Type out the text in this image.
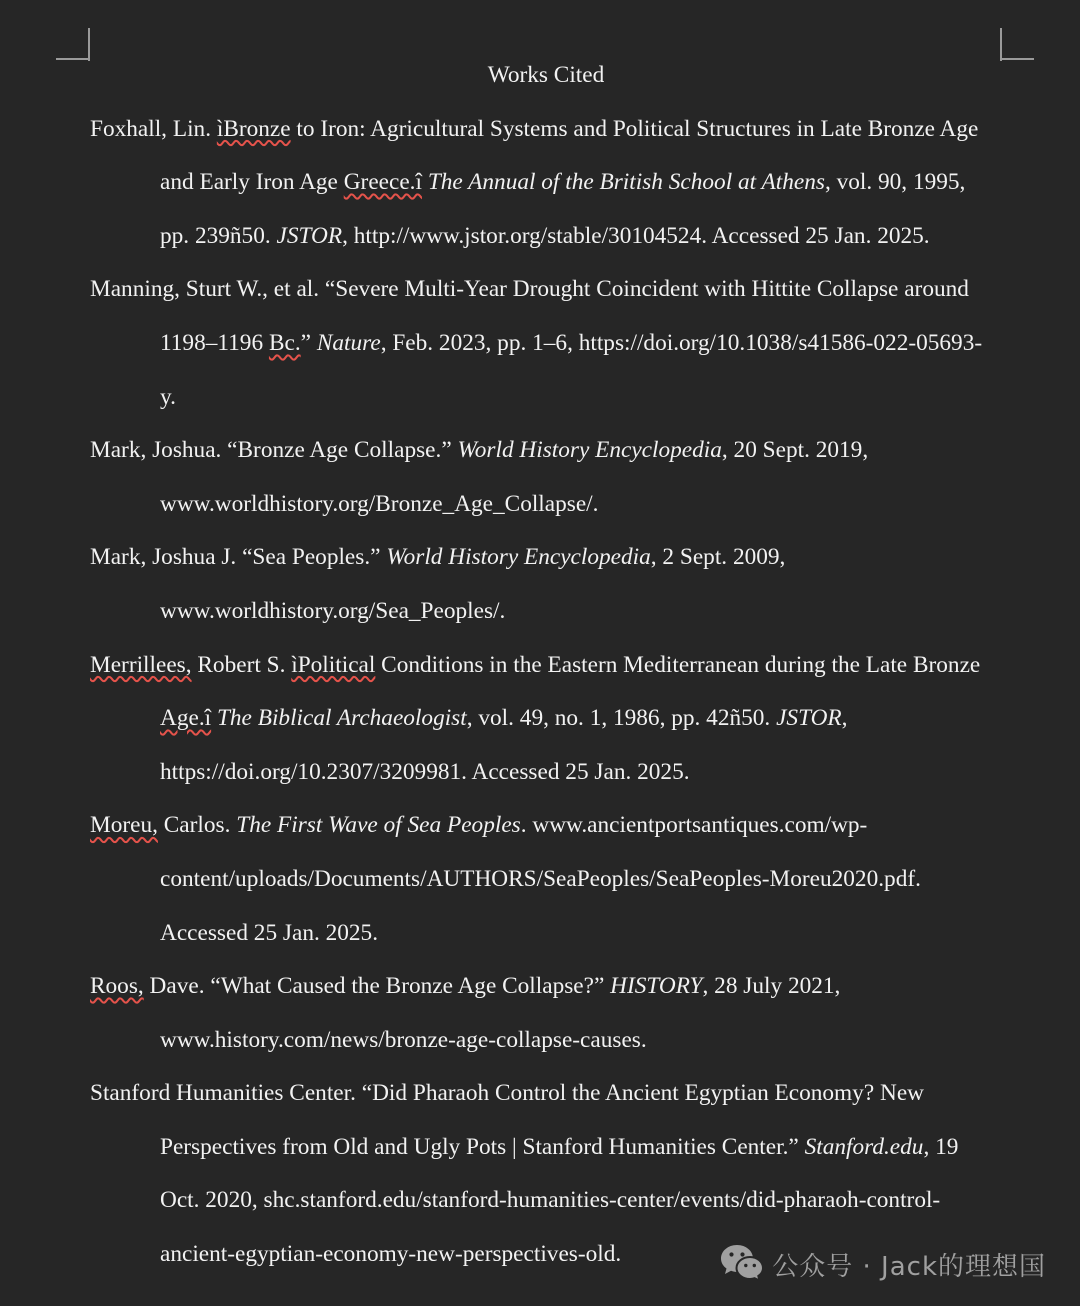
Works Cited
Foxhall, Lin. ìBronze to Iron: Agricultural Systems and Political Structures in Late Bronze Age
and Early Iron Age Greece.î The Annual of the British School at Athens, vol. 90, 1995,
pp. 239ñ50. JSTOR, http://www.jstor.org/stable/30104524. Accessed 25 Jan. 2025.
Manning, Sturt W., et al. “Severe Multi-Year Drought Coincident with Hittite Collapse around
1198–1196 Bc.” Nature, Feb. 2023, pp. 1–6, https://doi.org/10.1038/s41586-022-05693-
y.
Mark, Joshua. “Bronze Age Collapse.” World History Encyclopedia, 20 Sept. 2019,
www.worldhistory.org/Bronze_Age_Collapse/.
Mark, Joshua J. “Sea Peoples.” World History Encyclopedia, 2 Sept. 2009,
www.worldhistory.org/Sea_Peoples/.
Merrillees, Robert S. ìPolitical Conditions in the Eastern Mediterranean during the Late Bronze
Age.î The Biblical Archaeologist, vol. 49, no. 1, 1986, pp. 42ñ50. JSTOR,
https://doi.org/10.2307/3209981. Accessed 25 Jan. 2025.
Moreu, Carlos. The First Wave of Sea Peoples. www.ancientportsantiques.com/wp-
content/uploads/Documents/AUTHORS/SeaPeoples/SeaPeoples-Moreu2020.pdf.
Accessed 25 Jan. 2025.
Roos, Dave. “What Caused the Bronze Age Collapse?” HISTORY, 28 July 2021,
www.history.com/news/bronze-age-collapse-causes.
Stanford Humanities Center. “Did Pharaoh Control the Ancient Egyptian Economy? New
Perspectives from Old and Ugly Pots | Stanford Humanities Center.” Stanford.edu, 19
Oct. 2020, shc.stanford.edu/stanford-humanities-center/events/did-pharaoh-control-
ancient-egyptian-economy-new-perspectives-old.	公众号 · Jack的理想国
